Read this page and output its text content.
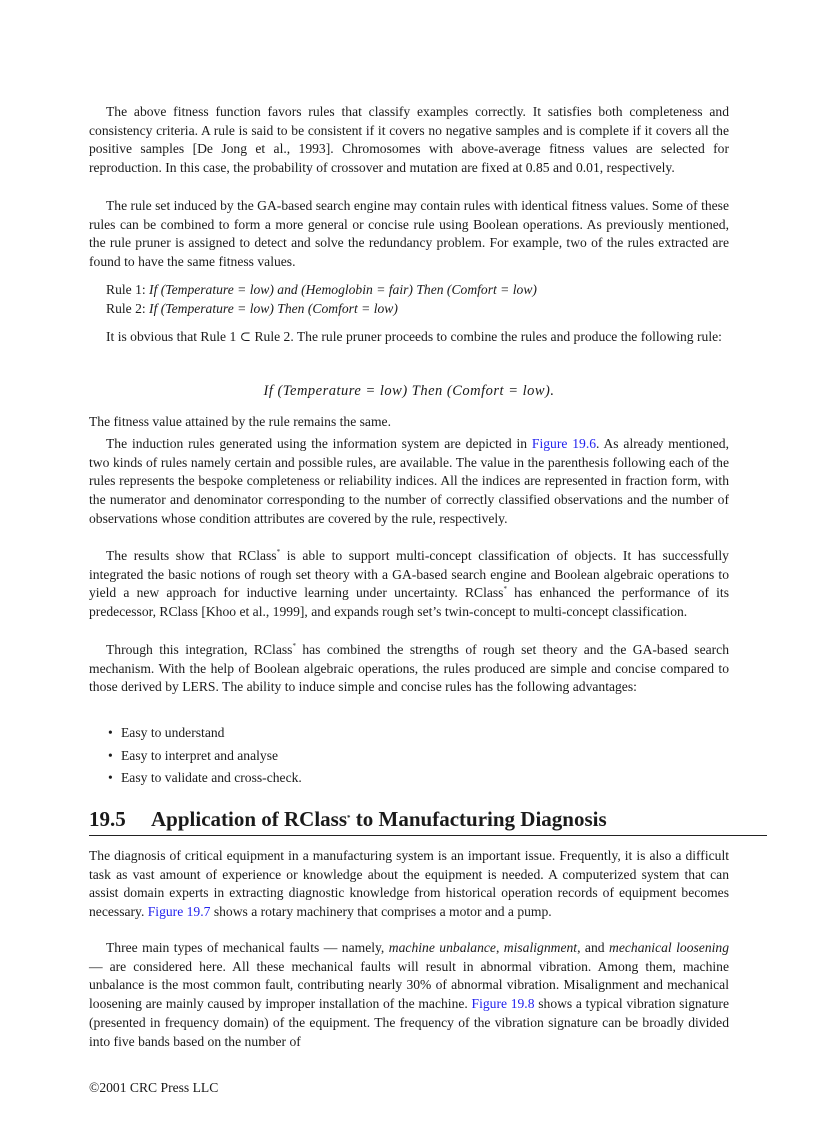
The above fitness function favors rules that classify examples correctly. It satisfies both completeness and consistency criteria. A rule is said to be consistent if it covers no negative samples and is complete if it covers all the positive samples [De Jong et al., 1993]. Chromosomes with above-average fitness values are selected for reproduction. In this case, the probability of crossover and mutation are fixed at 0.85 and 0.01, respectively.
The rule set induced by the GA-based search engine may contain rules with identical fitness values. Some of these rules can be combined to form a more general or concise rule using Boolean operations. As previously mentioned, the rule pruner is assigned to detect and solve the redundancy problem. For example, two of the rules extracted are found to have the same fitness values.
Rule 1: If (Temperature = low) and (Hemoglobin = fair) Then (Comfort = low)
Rule 2: If (Temperature = low) Then (Comfort = low)
It is obvious that Rule 1 ⊂ Rule 2. The rule pruner proceeds to combine the rules and produce the following rule:
If (Temperature = low) Then (Comfort = low).
The fitness value attained by the rule remains the same.
The induction rules generated using the information system are depicted in Figure 19.6. As already mentioned, two kinds of rules namely certain and possible rules, are available. The value in the parenthesis following each of the rules represents the bespoke completeness or reliability indices. All the indices are represented in fraction form, with the numerator and denominator corresponding to the number of correctly classified observations and the number of observations whose condition attributes are covered by the rule, respectively.
The results show that RClass* is able to support multi-concept classification of objects. It has successfully integrated the basic notions of rough set theory with a GA-based search engine and Boolean algebraic operations to yield a new approach for inductive learning under uncertainty. RClass* has enhanced the performance of its predecessor, RClass [Khoo et al., 1999], and expands rough set’s twin-concept to multi-concept classification.
Through this integration, RClass* has combined the strengths of rough set theory and the GA-based search mechanism. With the help of Boolean algebraic operations, the rules produced are simple and concise compared to those derived by LERS. The ability to induce simple and concise rules has the following advantages:
• Easy to understand
• Easy to interpret and analyse
• Easy to validate and cross-check.
19.5 Application of RClass* to Manufacturing Diagnosis
The diagnosis of critical equipment in a manufacturing system is an important issue. Frequently, it is also a difficult task as vast amount of experience or knowledge about the equipment is needed. A computerized system that can assist domain experts in extracting diagnostic knowledge from historical operation records of equipment becomes necessary. Figure 19.7 shows a rotary machinery that comprises a motor and a pump.
Three main types of mechanical faults — namely, machine unbalance, misalignment, and mechanical loosening — are considered here. All these mechanical faults will result in abnormal vibration. Among them, machine unbalance is the most common fault, contributing nearly 30% of abnormal vibration. Misalignment and mechanical loosening are mainly caused by improper installation of the machine. Figure 19.8 shows a typical vibration signature (presented in frequency domain) of the equipment. The frequency of the vibration signature can be broadly divided into five bands based on the number of
©2001 CRC Press LLC
